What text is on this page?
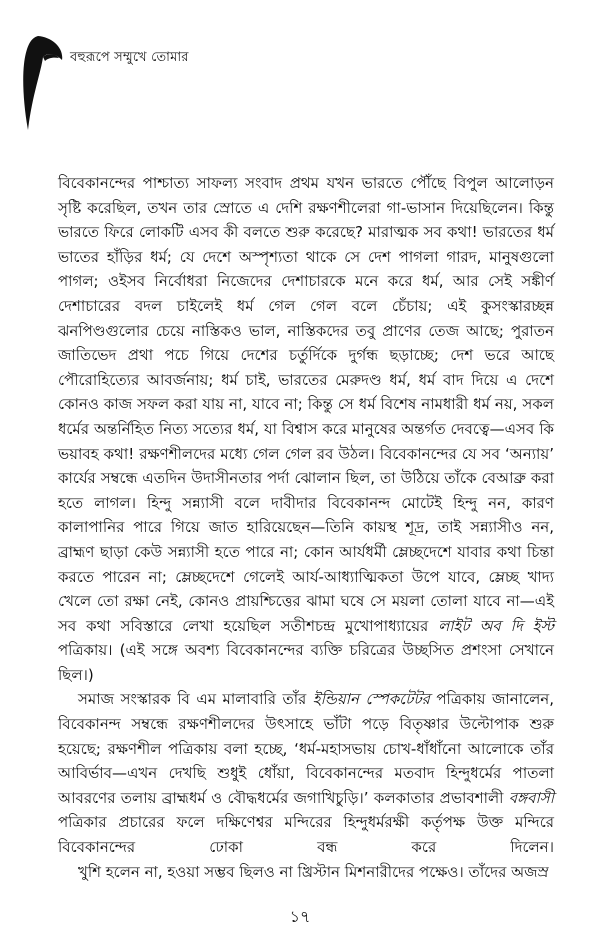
বহুরূপে সম্মুখে তোমার

বিবেকানন্দের পাশ্চাত্য সাফল্য সংবাদ প্রথম যখন ভারতে পৌঁছে বিপুল আলোড়ন সৃষ্টি করেছিল, তখন তার স্রোতে এ দেশি রক্ষণশীলেরা গা-ভাসান দিয়েছিলেন। কিন্তু ভারতে ফিরে লোকটি এসব কী বলতে শুরু করেছে? মারাত্মক সব কথা! ভারতের ধর্ম ভাতের হাঁড়ির ধর্ম; যে দেশে অস্পৃশ্যতা থাকে সে দেশ পাগলা গারদ, মানুষগুলো পাগল; ওইসব নির্বোধরা নিজেদের দেশাচারকে মনে করে ধর্ম, আর সেই সঙ্কীর্ণ দেশাচারের বদল চাইলেই ধর্ম গেল গেল বলে চেঁচায়; এই কুসংস্কারচ্ছন্ন ঝনপিণ্ডগুলোর চেয়ে নাস্তিকও ভাল, নাস্তিকদের তবু প্রাণের তেজ আছে; পুরাতন জাতিভেদ প্রথা পচে গিয়ে দেশের চর্তুর্দিকে দুর্গন্ধ ছড়াচ্ছে; দেশ ভরে আছে পৌরোহিত্যের আবর্জনায়; ধর্ম চাই, ভারতের মেরুদণ্ড ধর্ম, ধর্ম বাদ দিয়ে এ দেশে কোনও কাজ সফল করা যায় না, যাবে না; কিন্তু সে ধর্ম বিশেষ নামধারী ধর্ম নয়, সকল ধর্মের অন্তর্নিহিত নিত্য সত্যের ধর্ম, যা বিশ্বাস করে মানুষের অন্তর্গত দেবত্বে—এসব কি ভয়াবহ কথা! রক্ষণশীলদের মধ্যে গেল গেল রব উঠল। বিবেকানন্দের যে সব ‘অন্যায়’ কার্যের সম্বন্ধে এতদিন উদাসীনতার পর্দা ঝোলান ছিল, তা উঠিয়ে তাঁকে বেআব্রু করা হতে লাগল। হিন্দু সন্ন্যাসী বলে দাবীদার বিবেকানন্দ মোটেই হিন্দু নন, কারণ কালাপানির পারে গিয়ে জাত হারিয়েছেন—তিনি কায়স্থ শূদ্র, তাই সন্ন্যাসীও নন, ব্রাহ্মণ ছাড়া কেউ সন্ন্যাসী হতে পারে না; কোন আর্যধর্মী ম্লেচ্ছদেশে যাবার কথা চিন্তা করতে পারেন না; ম্লেচ্ছদেশে গেলেই আর্য-আধ্যাত্মিকতা উপে যাবে, ম্লেচ্ছ খাদ্য খেলে তো রক্ষা নেই, কোনও প্রায়শ্চিত্তের ঝামা ঘষে সে ময়লা তোলা যাবে না—এই সব কথা সবিস্তারে লেখা হয়েছিল সতীশচন্দ্র মুখোপাধ্যায়ের লাইট অব দি ইস্ট পত্রিকায়। (এই সঙ্গে অবশ্য বিবেকানন্দের ব্যক্তি চরিত্রের উচ্ছসিত প্রশংসা সেখানে ছিল।)

সমাজ সংস্কারক বি এম মালাবারি তাঁর ইন্ডিয়ান স্পেকটেটর পত্রিকায় জানালেন, বিবেকানন্দ সম্বন্ধে রক্ষণশীলদের উৎসাহে ভাঁটা পড়ে বিতৃষ্ণার উল্টোপাক শুরু হয়েছে; রক্ষণশীল পত্রিকায় বলা হচ্ছে, ‘ধর্ম-মহাসভায় চোখ-ধাঁধাঁনো আলোকে তাঁর আবির্ভাব—এখন দেখছি শুধুই ধোঁয়া, বিবেকানন্দের মতবাদ হিন্দুধর্মের পাতলা আবরণের তলায় ব্রাহ্মধর্ম ও বৌদ্ধধর্মের জগাখিচুড়ি।’ কলকাতার প্রভাবশালী বঙ্গবাসী পত্রিকার প্রচারের ফলে দক্ষিণেশ্বর মন্দিরের হিন্দুধর্মরক্ষী কর্তৃপক্ষ উক্ত মন্দিরে বিবেকানন্দের ঢোকা বন্ধ করে দিলেন।

খুশি হলেন না, হওয়া সম্ভব ছিলও না খ্রিস্টান মিশনারীদের পক্ষেও। তাঁদের অজস্র

১৭
